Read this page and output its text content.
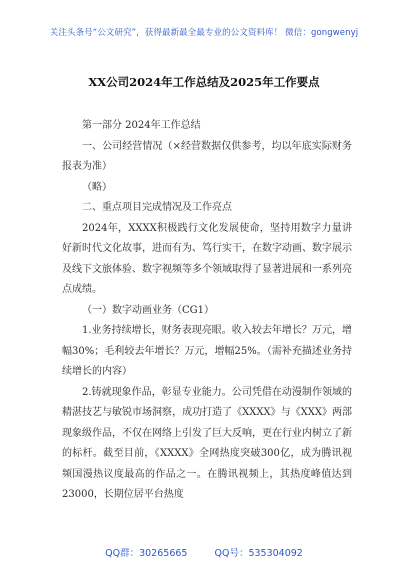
关注头条号“公文研究”，获得最新最全最专业的公文资料库！ 微信：gongwenyj
XX公司2024年工作总结及2025年工作要点

第一部分 2024年工作总结

一、公司经营情况（×经营数据仅供参考，均以年底实际财务报表为准）

（略）

二、重点项目完成情况及工作亮点

2024年，XXXX积极践行文化发展使命，坚持用数字力量讲好新时代文化故事，进而有为、笃行实干，在数字动画、数字展示及线下文旅体验、数字视频等多个领域取得了显著进展和一系列亮点成绩。

（一）数字动画业务（CG1）

1.业务持续增长，财务表现亮眼。收入较去年增长？万元，增幅30%；毛利较去年增长？万元，增幅25%。（需补充描述业务持续增长的内容）

2.铸就现象作品，彰显专业能力。公司凭借在动漫制作领域的精湛技艺与敏锐市场洞察，成功打造了《XXXX》与《XXX》两部现象级作品，不仅在网络上引发了巨大反响，更在行业内树立了新的标杆。截至目前，《XXXX》全网热度突破300亿，成为腾讯视频国漫热议度最高的作品之一。在腾讯视频上，其热度峰值达到23000，长期位居平台热度

QQ群：30265665	QQ号：535304092
